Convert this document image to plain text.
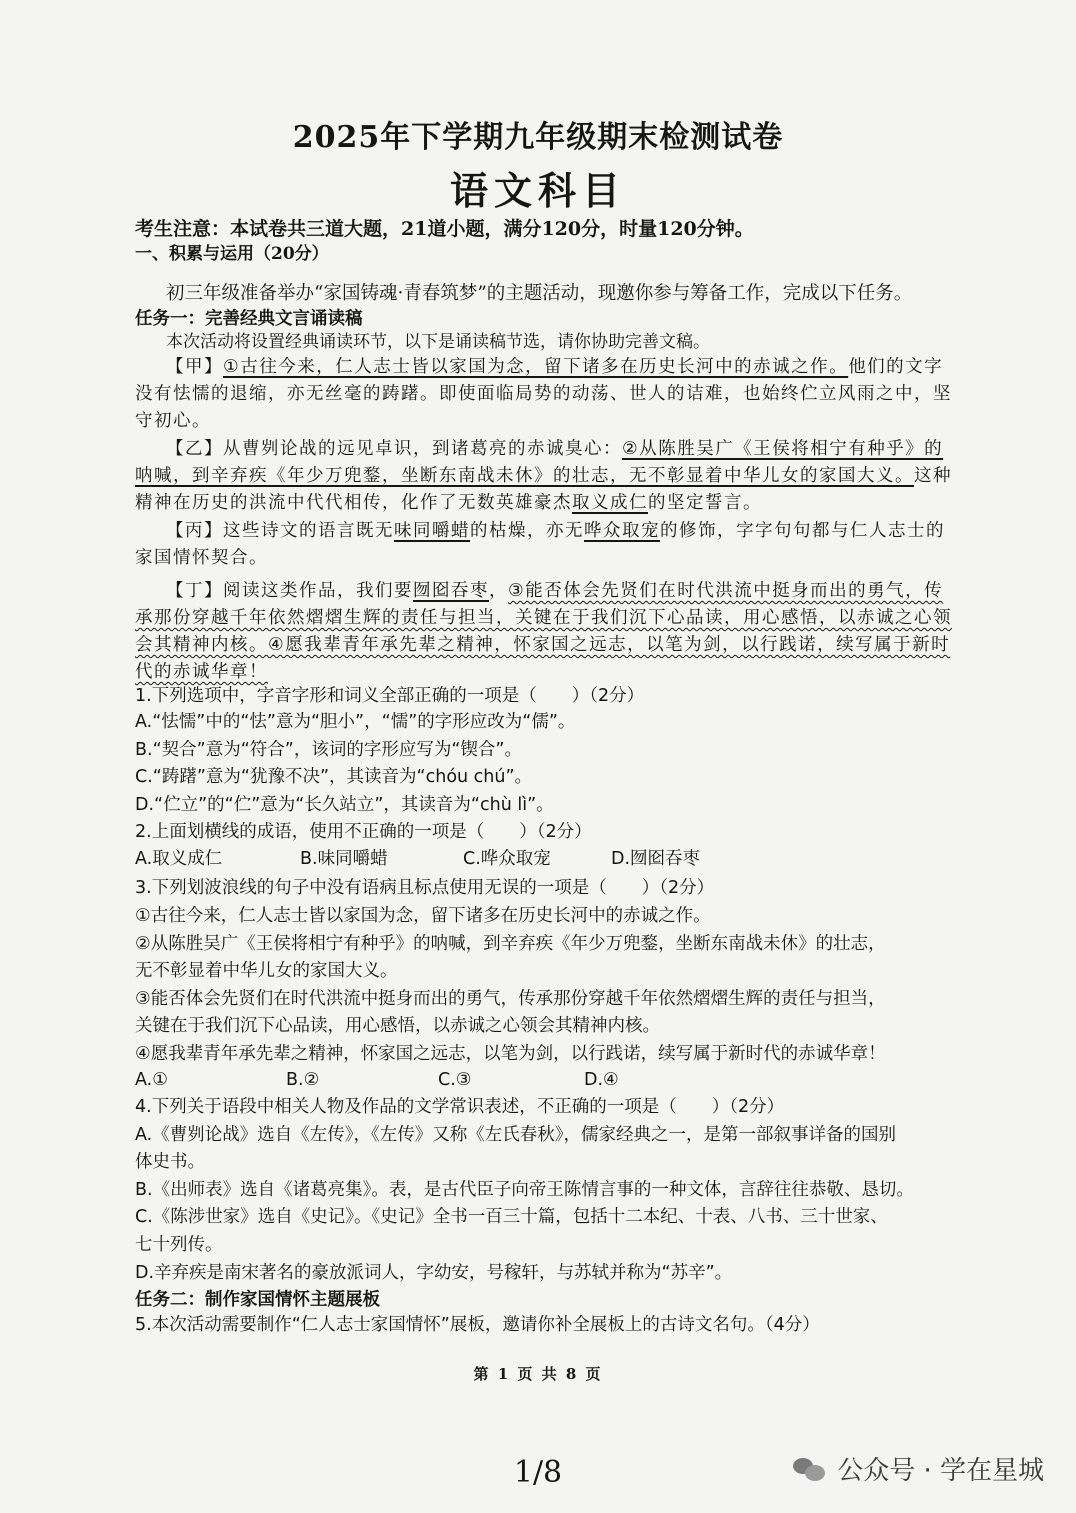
2025年下学期九年级期末检测试卷
语文科目
考生注意：本试卷共三道大题，21道小题，满分120分，时量120分钟。
一、积累与运用（20分）
初三年级准备举办“家国铸魂·青春筑梦”的主题活动，现邀你参与筹备工作，完成以下任务。
任务一：完善经典文言诵读稿
本次活动将设置经典诵读环节，以下是诵读稿节选，请你协助完善文稿。
【甲】①古往今来，仁人志士皆以家国为念，留下诸多在历史长河中的赤诚之作。他们的文字
没有怯懦的退缩，亦无丝毫的踌躇。即使面临局势的动荡、世人的诘难，也始终伫立风雨之中，坚
守初心。
【乙】从曹刿论战的远见卓识，到诸葛亮的赤诚臭心：②从陈胜吴广《王侯将相宁有种乎》的
呐喊，到辛弃疾《年少万兜鍪，坐断东南战未休》的壮志，无不彰显着中华儿女的家国大义。这种
精神在历史的洪流中代代相传，化作了无数英雄豪杰取义成仁的坚定誓言。
【丙】这些诗文的语言既无味同嚼蜡的枯燥，亦无哗众取宠的修饰，字字句句都与仁人志士的
家国情怀契合。
【丁】阅读这类作品，我们要囫囵吞枣，③能否体会先贤们在时代洪流中挺身而出的勇气，传
承那份穿越千年依然熠熠生辉的责任与担当，关键在于我们沉下心品读，用心感悟，以赤诚之心领
会其精神内核。④愿我辈青年承先辈之精神，怀家国之远志，以笔为剑，以行践诺，续写属于新时
代的赤诚华章！
1.下列选项中，字音字形和词义全部正确的一项是（　　）（2分）
A.“怯懦”中的“怯”意为“胆小”，“懦”的字形应改为“儒”。
B.“契合”意为“符合”，该词的字形应写为“锲合”。
C.“踌躇”意为“犹豫不决”，其读音为“chóu chú”。
D.“伫立”的“伫”意为“长久站立”，其读音为“chù lì”。
2.上面划横线的成语，使用不正确的一项是（　　）（2分）
A.取义成仁	B.味同嚼蜡	C.哗众取宠	D.囫囵吞枣
3.下列划波浪线的句子中没有语病且标点使用无误的一项是（　　）（2分）
①古往今来，仁人志士皆以家国为念，留下诸多在历史长河中的赤诚之作。
②从陈胜吴广《王侯将相宁有种乎》的呐喊，到辛弃疾《年少万兜鍪，坐断东南战未休》的壮志，
无不彰显着中华儿女的家国大义。
③能否体会先贤们在时代洪流中挺身而出的勇气，传承那份穿越千年依然熠熠生辉的责任与担当，
关键在于我们沉下心品读，用心感悟，以赤诚之心领会其精神内核。
④愿我辈青年承先辈之精神，怀家国之远志，以笔为剑，以行践诺，续写属于新时代的赤诚华章！
A.①	B.②	C.③	D.④
4.下列关于语段中相关人物及作品的文学常识表述，不正确的一项是（　　）（2分）
A.《曹刿论战》选自《左传》，《左传》又称《左氏春秋》，儒家经典之一，是第一部叙事详备的国别
体史书。
B.《出师表》选自《诸葛亮集》。表，是古代臣子向帝王陈情言事的一种文体，言辞往往恭敬、恳切。
C.《陈涉世家》选自《史记》。《史记》全书一百三十篇，包括十二本纪、十表、八书、三十世家、
七十列传。
D.辛弃疾是南宋著名的豪放派词人，字幼安，号稼轩，与苏轼并称为“苏辛”。
任务二：制作家国情怀主题展板
5.本次活动需要制作“仁人志士家国情怀”展板，邀请你补全展板上的古诗文名句。（4分）
第 1 页 共 8 页
1/8	公众号 · 学在星城
